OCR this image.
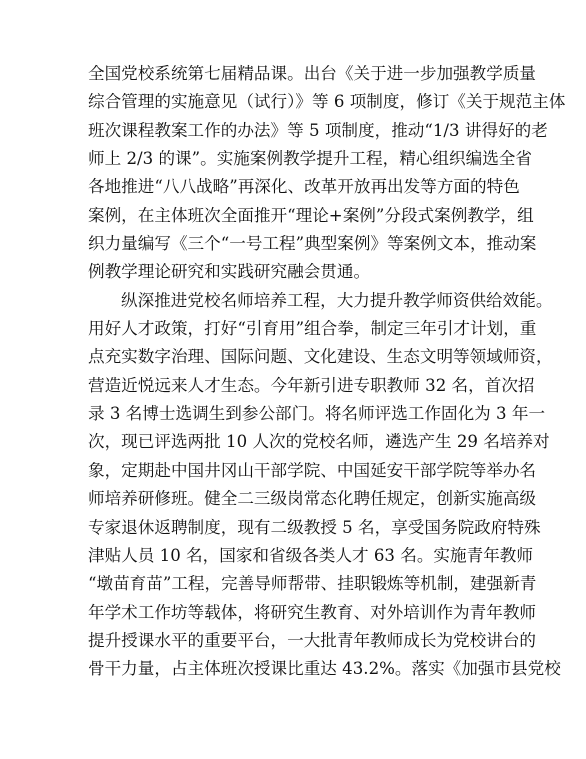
全国党校系统第七届精品课。出台《关于进一步加强教学质量
综合管理的实施意见（试行）》等 6 项制度，修订《关于规范主体
班次课程教案工作的办法》等 5 项制度，推动“1/3 讲得好的老
师上 2/3 的课”。实施案例教学提升工程，精心组织编选全省
各地推进“八八战略”再深化、改革开放再出发等方面的特色
案例，在主体班次全面推开“理论+案例”分段式案例教学，组
织力量编写《三个“一号工程”典型案例》等案例文本，推动案
例教学理论研究和实践研究融会贯通。
纵深推进党校名师培养工程，大力提升教学师资供给效能。
用好人才政策，打好“引育用”组合拳，制定三年引才计划，重
点充实数字治理、国际问题、文化建设、生态文明等领域师资，
营造近悦远来人才生态。今年新引进专职教师 32 名，首次招
录 3 名博士选调生到参公部门。将名师评选工作固化为 3 年一
次，现已评选两批 10 人次的党校名师，遴选产生 29 名培养对
象，定期赴中国井冈山干部学院、中国延安干部学院等举办名
师培养研修班。健全二三级岗常态化聘任规定，创新实施高级
专家退休返聘制度，现有二级教授 5 名，享受国务院政府特殊
津贴人员 10 名，国家和省级各类人才 63 名。实施青年教师
“墩苗育苗”工程，完善导师帮带、挂职锻炼等机制，建强新青
年学术工作坊等载体，将研究生教育、对外培训作为青年教师
提升授课水平的重要平台，一大批青年教师成长为党校讲台的
骨干力量，占主体班次授课比重达 43.2%。落实《加强市县党校
